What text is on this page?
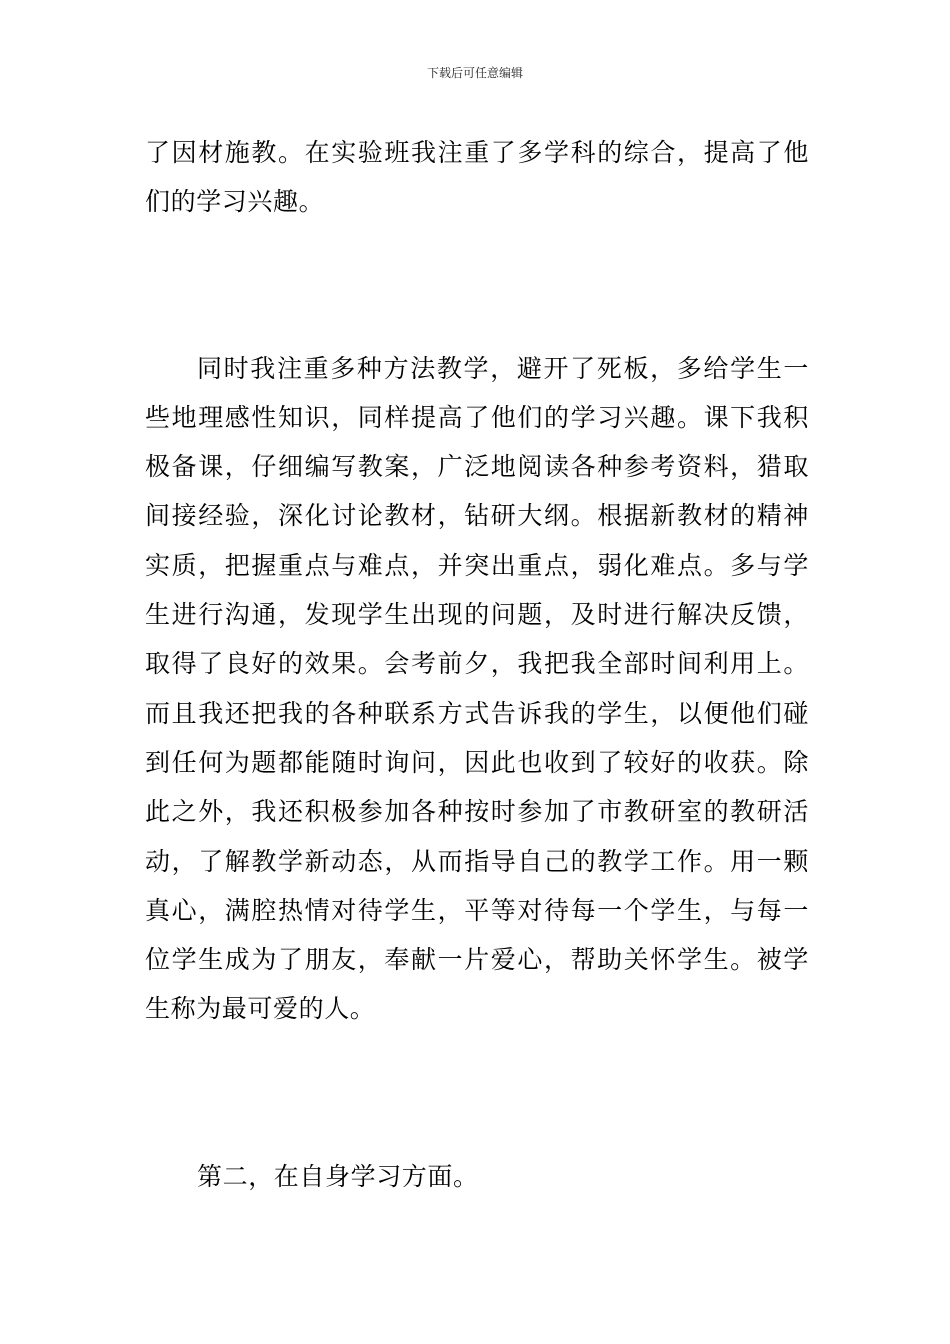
下载后可任意编辑

了因材施教。在实验班我注重了多学科的综合，提高了他们的学习兴趣。

同时我注重多种方法教学，避开了死板，多给学生一些地理感性知识，同样提高了他们的学习兴趣。课下我积极备课，仔细编写教案，广泛地阅读各种参考资料，猎取间接经验，深化讨论教材，钻研大纲。根据新教材的精神实质，把握重点与难点，并突出重点，弱化难点。多与学生进行沟通，发现学生出现的问题，及时进行解决反馈，取得了良好的效果。会考前夕，我把我全部时间利用上。而且我还把我的各种联系方式告诉我的学生，以便他们碰到任何为题都能随时询问，因此也收到了较好的收获。除此之外，我还积极参加各种按时参加了市教研室的教研活动，了解教学新动态，从而指导自己的教学工作。用一颗真心，满腔热情对待学生，平等对待每一个学生，与每一位学生成为了朋友，奉献一片爱心，帮助关怀学生。被学生称为最可爱的人。

第二，在自身学习方面。
